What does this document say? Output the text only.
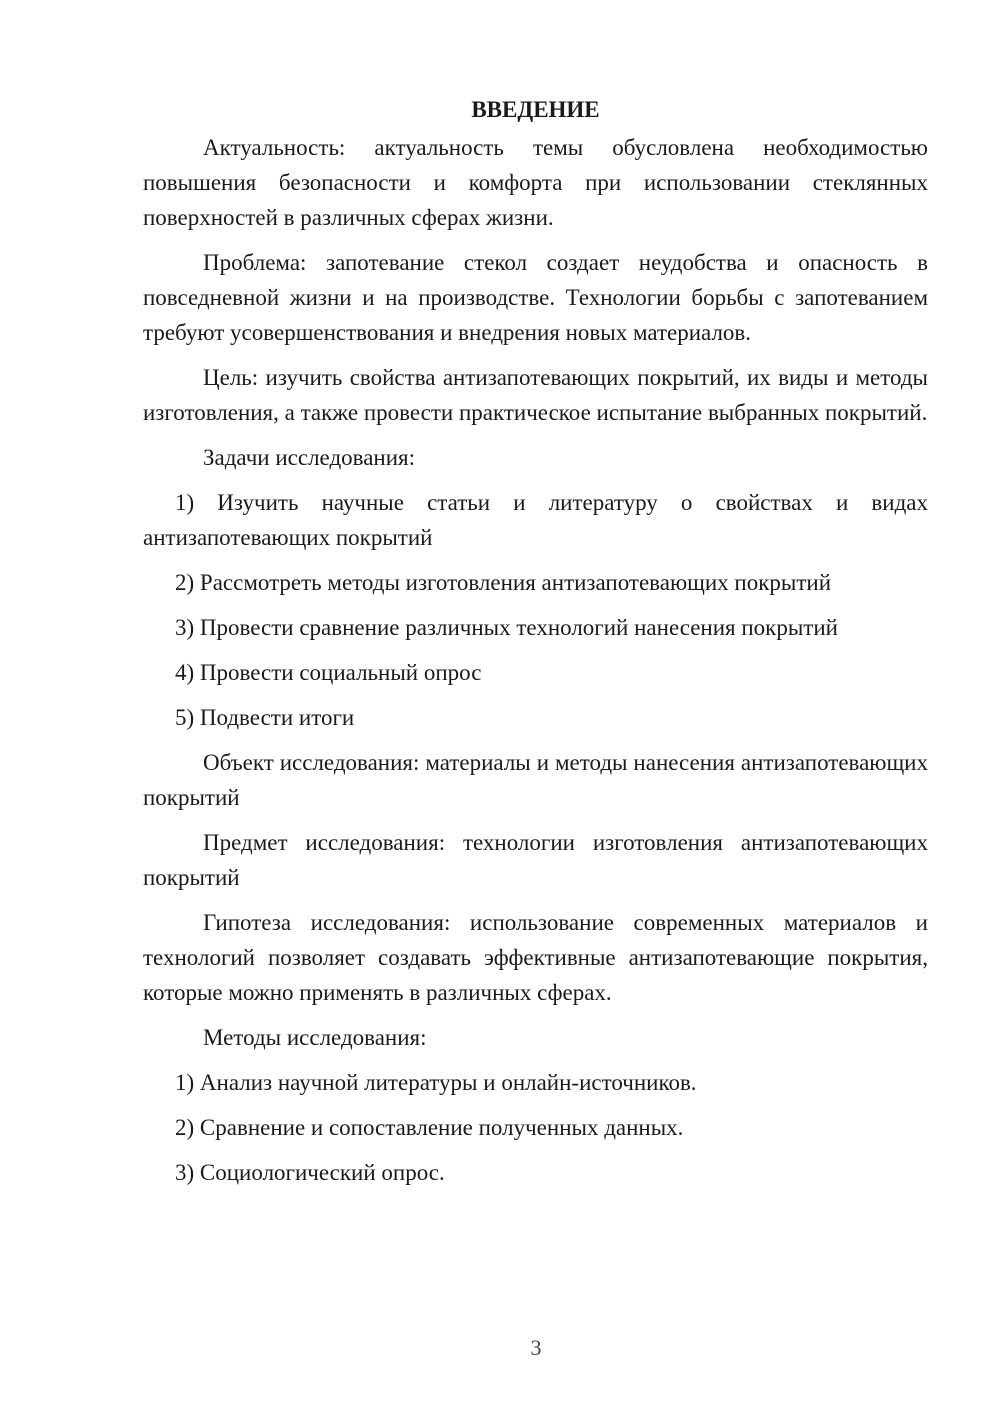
ВВЕДЕНИЕ

Актуальность: актуальность темы обусловлена необходимостью повышения безопасности и комфорта при использовании стеклянных поверхностей в различных сферах жизни.

Проблема: запотевание стекол создает неудобства и опасность в повседневной жизни и на производстве. Технологии борьбы с запотеванием требуют усовершенствования и внедрения новых материалов.

Цель: изучить свойства антизапотевающих покрытий, их виды и методы изготовления, а также провести практическое испытание выбранных покрытий.

Задачи исследования:

1) Изучить научные статьи и литературу о свойствах и видах антизапотевающих покрытий

2) Рассмотреть методы изготовления антизапотевающих покрытий

3) Провести сравнение различных технологий нанесения покрытий

4) Провести социальный опрос

5) Подвести итоги

Объект исследования: материалы и методы нанесения антизапотевающих покрытий

Предмет исследования: технологии изготовления антизапотевающих покрытий

Гипотеза исследования: использование современных материалов и технологий позволяет создавать эффективные антизапотевающие покрытия, которые можно применять в различных сферах.

Методы исследования:

1) Анализ научной литературы и онлайн-источников.

2) Сравнение и сопоставление полученных данных.

3) Социологический опрос.

3
